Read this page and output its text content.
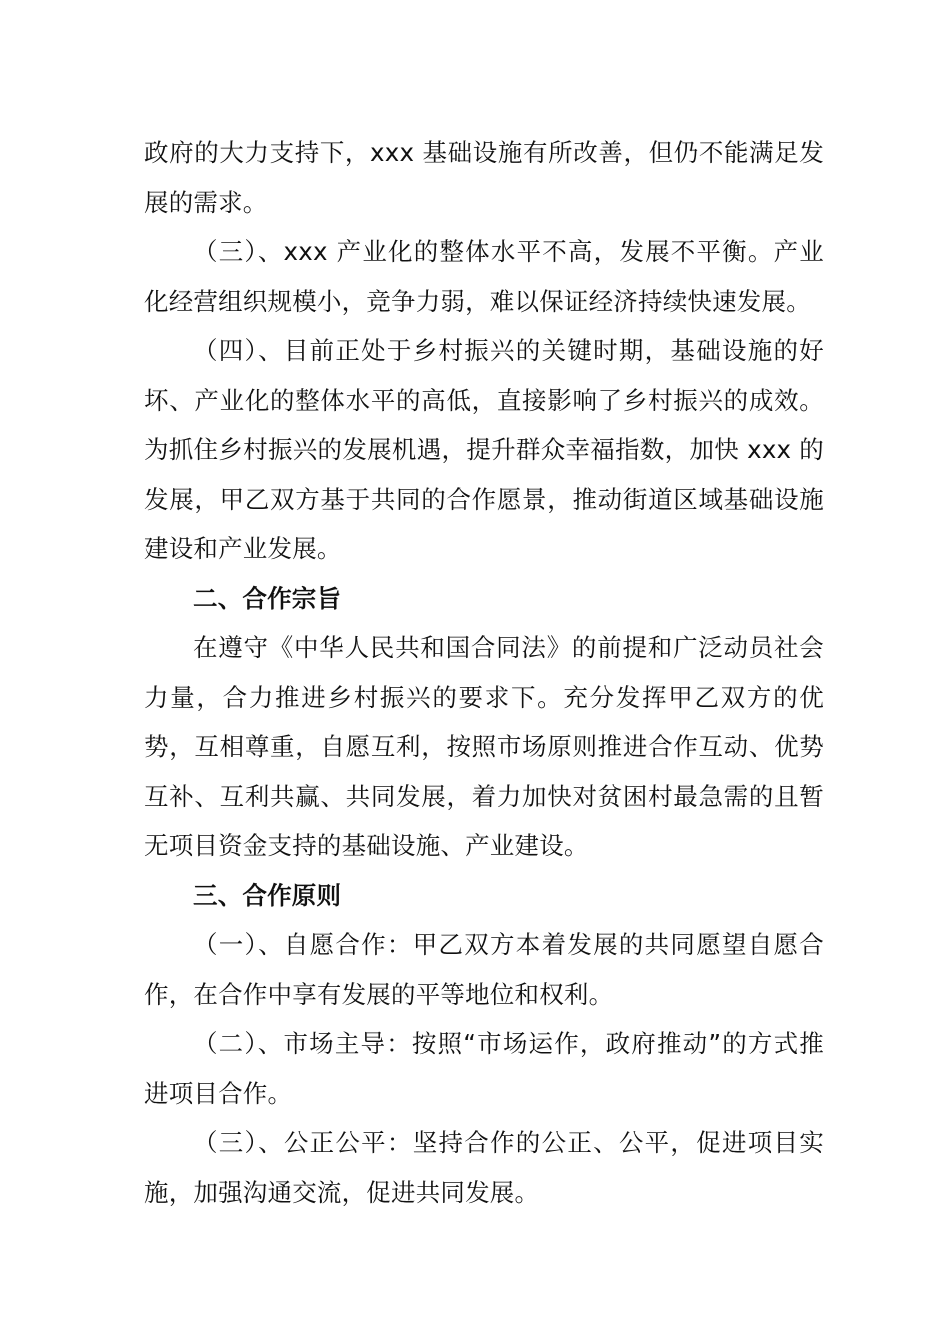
政府的大力支持下，xxx 基础设施有所改善，但仍不能满足发展的需求。

（三）、xxx 产业化的整体水平不高，发展不平衡。产业化经营组织规模小，竞争力弱，难以保证经济持续快速发展。

（四）、目前正处于乡村振兴的关键时期，基础设施的好坏、产业化的整体水平的高低，直接影响了乡村振兴的成效。为抓住乡村振兴的发展机遇，提升群众幸福指数，加快 xxx 的发展，甲乙双方基于共同的合作愿景，推动街道区域基础设施建设和产业发展。

二、合作宗旨

在遵守《中华人民共和国合同法》的前提和广泛动员社会力量，合力推进乡村振兴的要求下。充分发挥甲乙双方的优势，互相尊重，自愿互利，按照市场原则推进合作互动、优势互补、互利共赢、共同发展，着力加快对贫困村最急需的且暂无项目资金支持的基础设施、产业建设。

三、合作原则

（一）、自愿合作：甲乙双方本着发展的共同愿望自愿合作，在合作中享有发展的平等地位和权利。

（二）、市场主导：按照“市场运作，政府推动”的方式推进项目合作。

（三）、公正公平：坚持合作的公正、公平，促进项目实施，加强沟通交流，促进共同发展。
